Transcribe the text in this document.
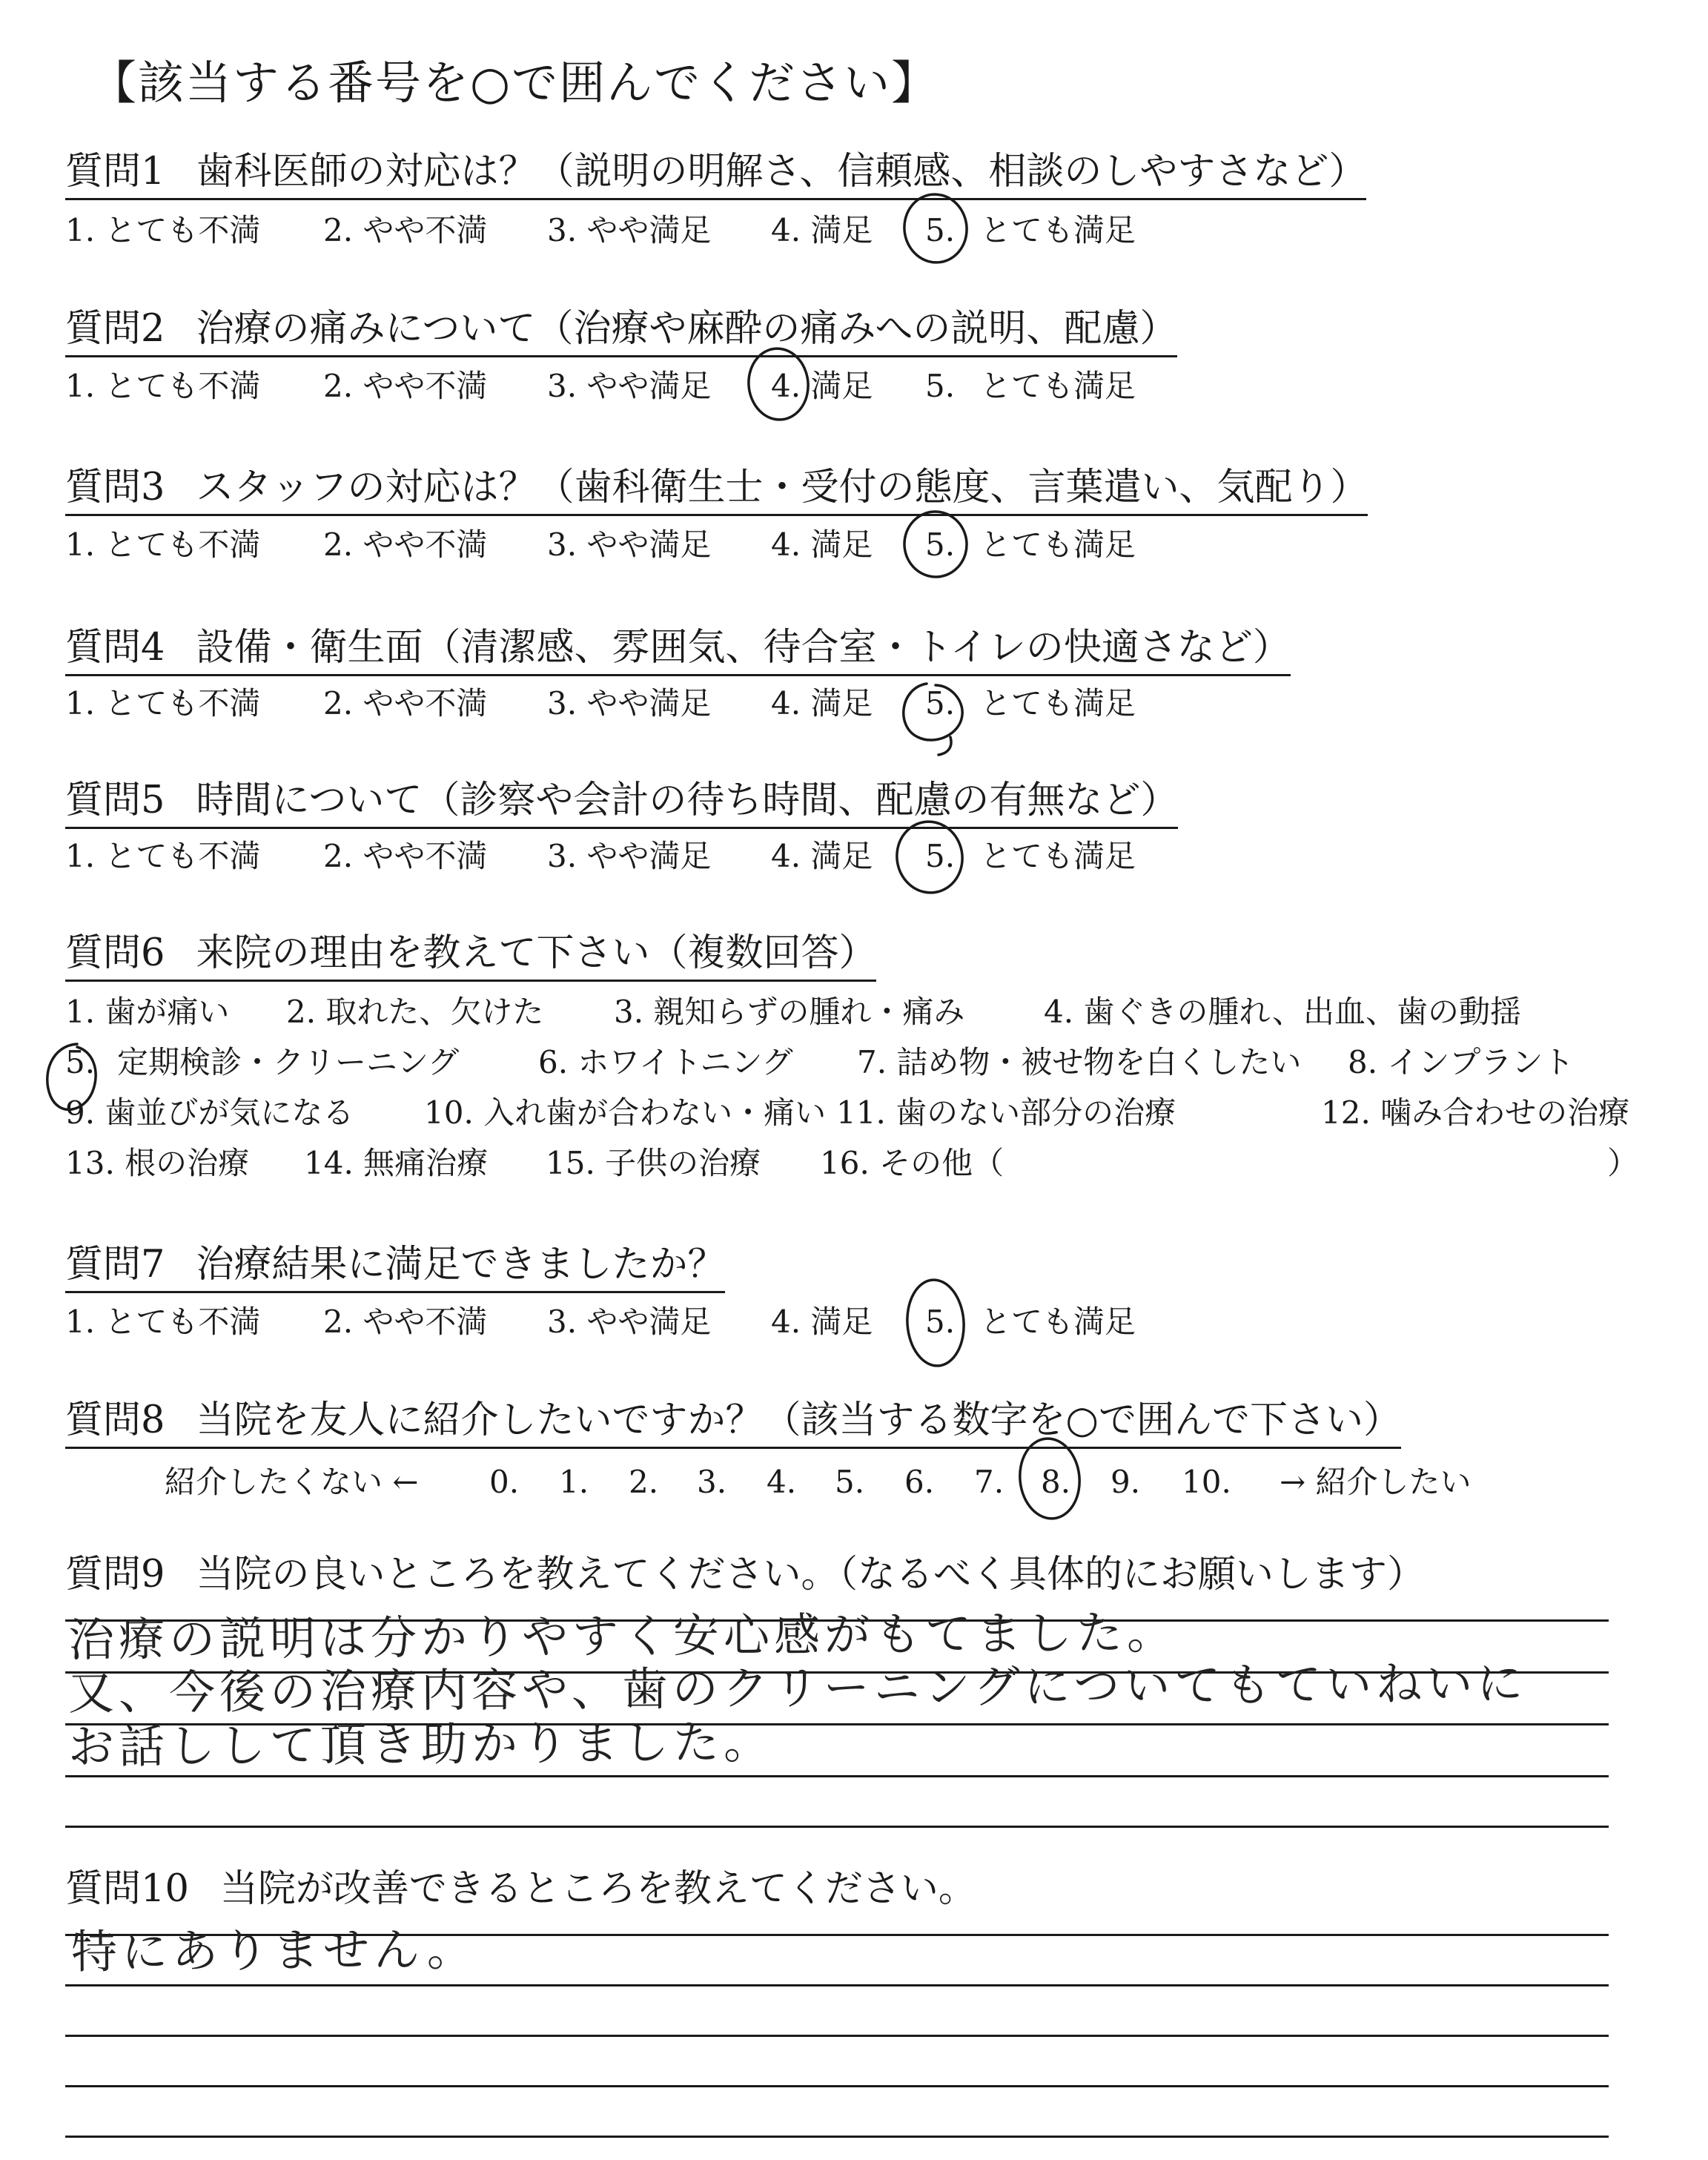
【該当する番号を○で囲んでください】
質問1 歯科医師の対応は？（説明の明解さ、信頼感、相談のしやすさなど）
1. とても不満 2. やや不満 3. やや満足 4. 満足 5. とても満足
質問2 治療の痛みについて（治療や麻酔の痛みへの説明、配慮）
1. とても不満 2. やや不満 3. やや満足 4. 満足 5. とても満足
質問3 スタッフの対応は？（歯科衛生士・受付の態度、言葉遣い、気配り）
1. とても不満 2. やや不満 3. やや満足 4. 満足 5. とても満足
質問4 設備・衛生面（清潔感、雰囲気、待合室・トイレの快適さなど）
1. とても不満 2. やや不満 3. やや満足 4. 満足 5. とても満足
質問5 時間について（診察や会計の待ち時間、配慮の有無など）
1. とても不満 2. やや不満 3. やや満足 4. 満足 5. とても満足
質問6 来院の理由を教えて下さい（複数回答）
1. 歯が痛い 2. 取れた、欠けた 3. 親知らずの腫れ・痛み	4. 歯ぐきの腫れ、出血、歯の動揺
5. 定期検診・クリーニング	6. ホワイトニング 7. 詰め物・被せ物を白くしたい 8. インプラント
9. 歯並びが気になる 10. 入れ歯が合わない・痛い 11. 歯のない部分の治療	12. 噛み合わせの治療
13. 根の治療 14. 無痛治療 15. 子供の治療 16. その他（	）
質問7 治療結果に満足できましたか？
1. とても不満 2. やや不満 3. やや満足 4. 満足 5. とても満足
質問8 当院を友人に紹介したいですか？（該当する数字を○で囲んで下さい）
紹介したくない ← 0. 1. 2. 3. 4. 5. 6. 7. 8. 9. 10. → 紹介したい
質問9 当院の良いところを教えてください。（なるべく具体的にお願いします）
治療の説明は分かりやすく安心感がもてました。
又、今後の治療内容や、歯のクリーニングについてもていねいに
お話しして頂き助かりました。
質問10 当院が改善できるところを教えてください。
特にありません。
